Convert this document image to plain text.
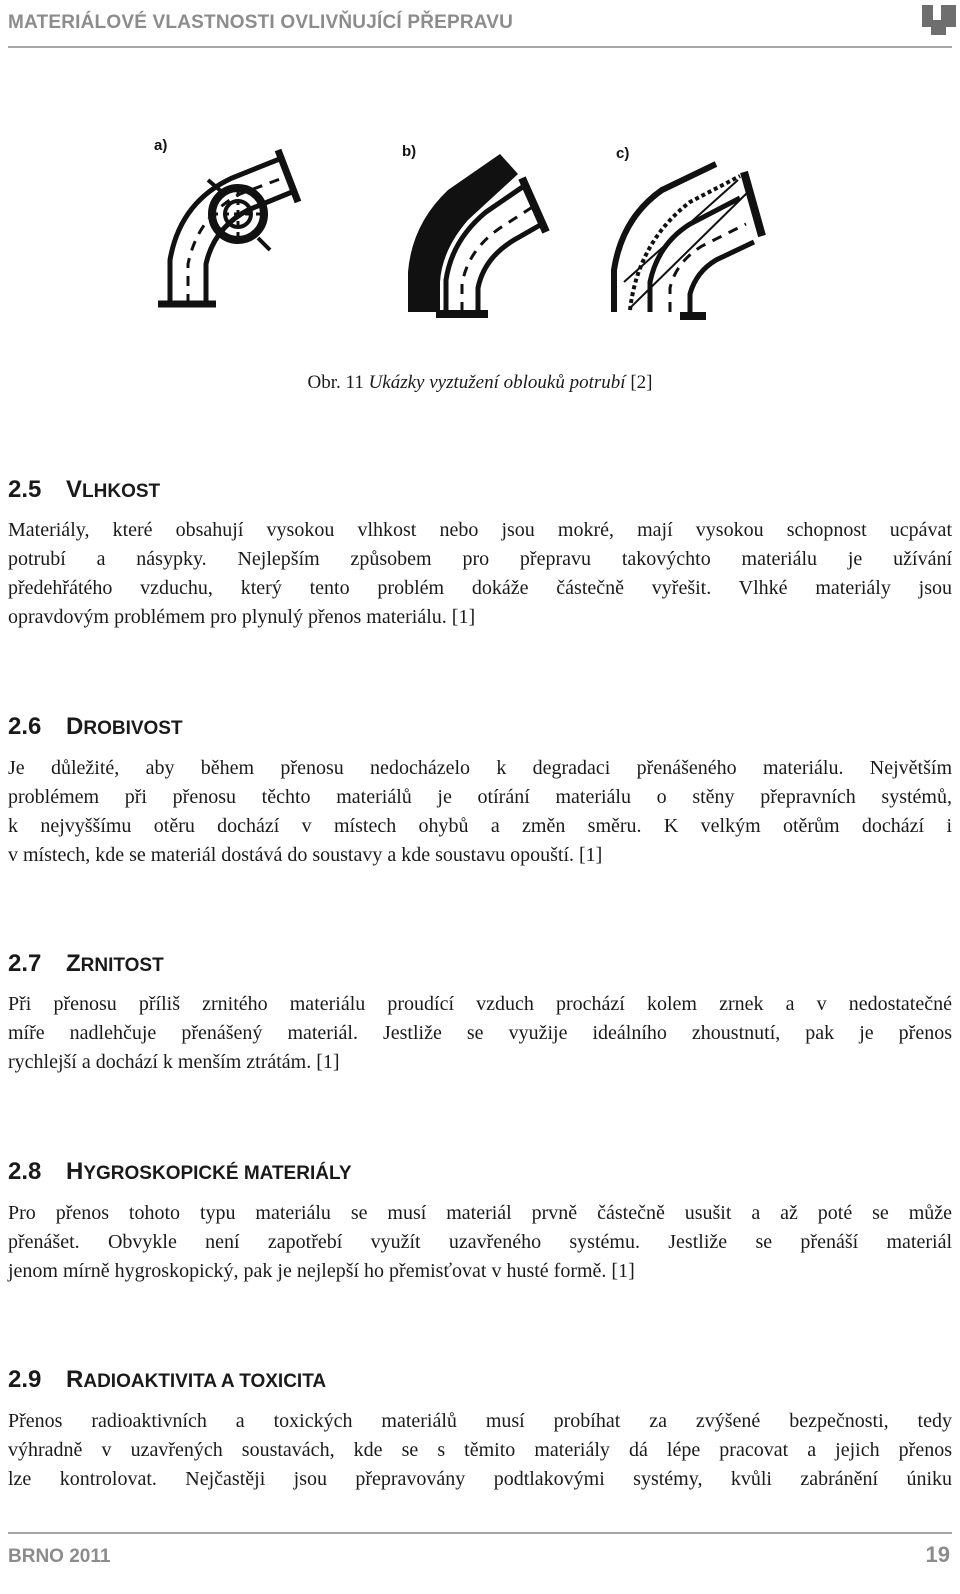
MATERIÁLOVÉ VLASTNOSTI OVLIVŇUJÍCÍ PŘEPRAVU
a)	b)	c)
Obr. 11 Ukázky vyztužení oblouků potrubí [2]
2.5 VLHKOST

Materiály, které obsahují vysokou vlhkost nebo jsou mokré, mají vysokou schopnost ucpávat
potrubí a násypky. Nejlepším způsobem pro přepravu takovýchto materiálu je užívání
předehřátého vzduchu, který tento problém dokáže částečně vyřešit. Vlhké materiály jsou
opravdovým problémem pro plynulý přenos materiálu. [1]

2.6 DROBIVOST

Je důležité, aby během přenosu nedocházelo k degradaci přenášeného materiálu. Největším
problémem při přenosu těchto materiálů je otírání materiálu o stěny přepravních systémů,
k nejvyššímu otěru dochází v místech ohybů a změn směru. K velkým otěrům dochází i
v místech, kde se materiál dostává do soustavy a kde soustavu opouští. [1]

2.7 ZRNITOST

Při přenosu příliš zrnitého materiálu proudící vzduch prochází kolem zrnek a v nedostatečné
míře nadlehčuje přenášený materiál. Jestliže se využije ideálního zhoustnutí, pak je přenos
rychlejší a dochází k menším ztrátám. [1]

2.8 HYGROSKOPICKÉ MATERIÁLY

Pro přenos tohoto typu materiálu se musí materiál prvně částečně usušit a až poté se může
přenášet. Obvykle není zapotřebí využít uzavřeného systému. Jestliže se přenáší materiál
jenom mírně hygroskopický, pak je nejlepší ho přemisťovat v husté formě. [1]

2.9 RADIOAKTIVITA A TOXICITA

Přenos radioaktivních a toxických materiálů musí probíhat za zvýšené bezpečnosti, tedy
výhradně v uzavřených soustavách, kde se s těmito materiály dá lépe pracovat a jejich přenos
lze kontrolovat. Nejčastěji jsou přepravovány podtlakovými systémy, kvůli zabránění úniku

BRNO 2011	19
